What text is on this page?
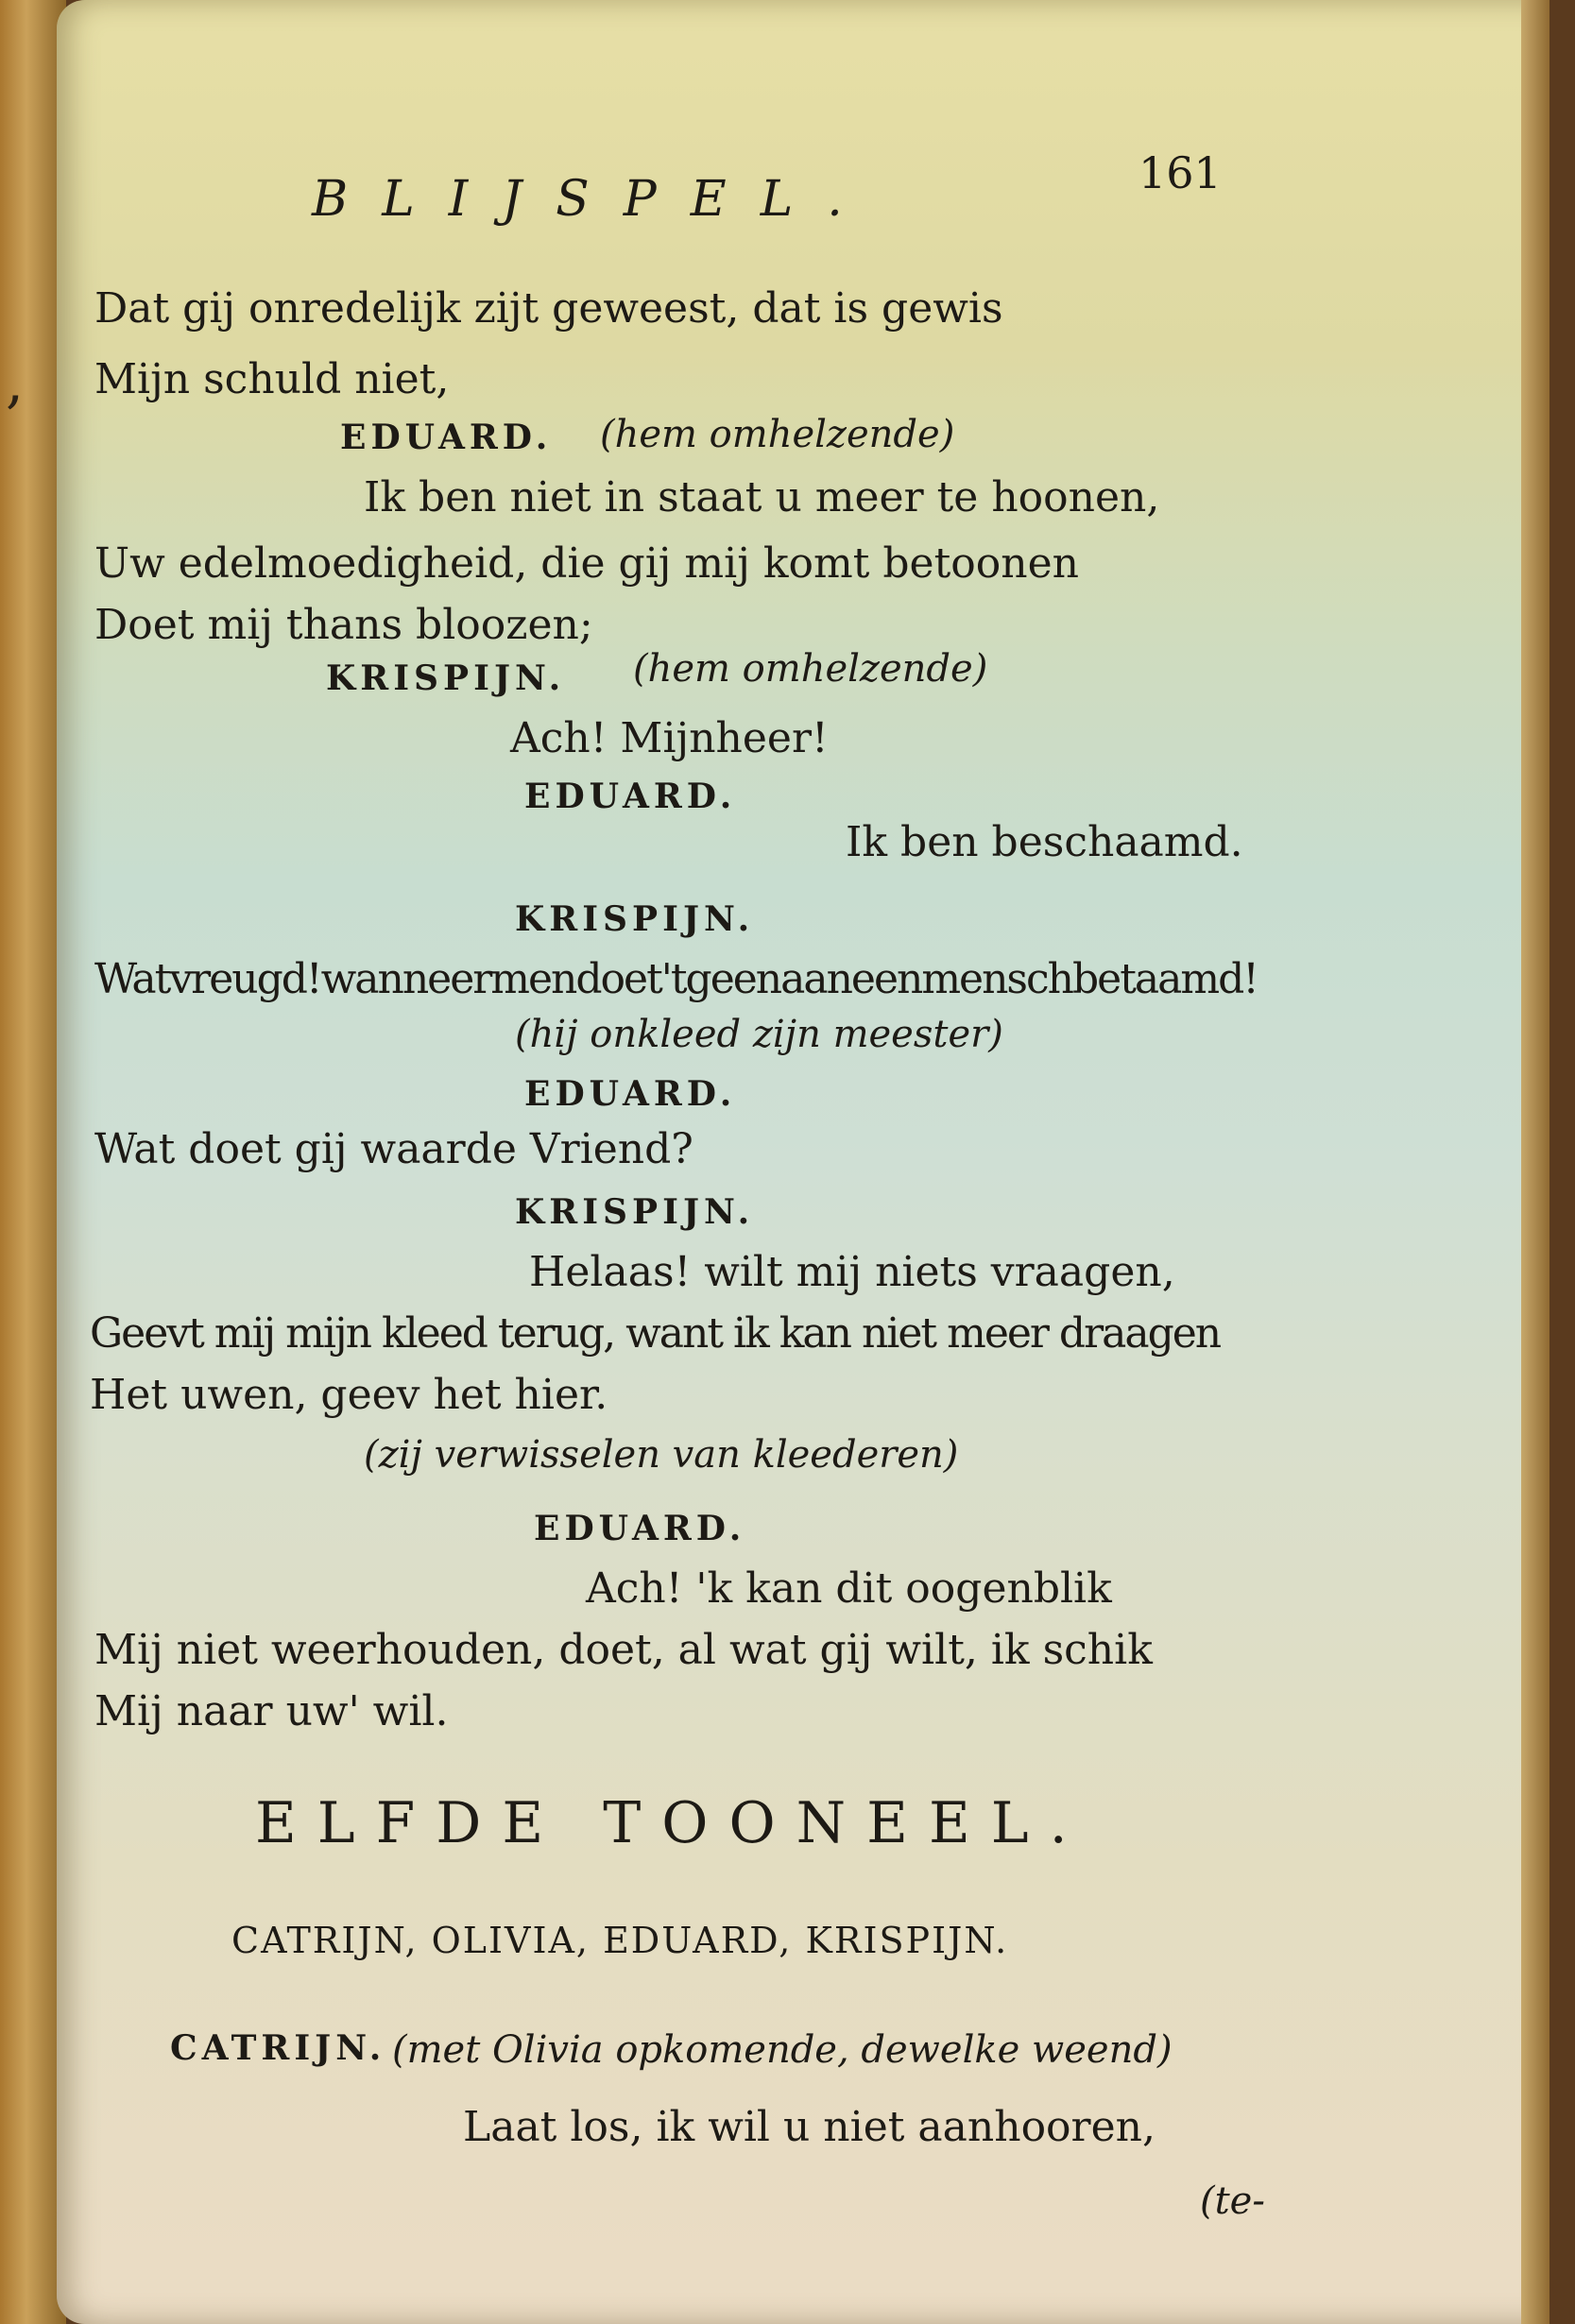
,
BLIJSPEL.	161
Dat gij onredelijk zijt geweest, dat is gewis
Mijn schuld niet,
EDUARD. (hem omhelzende)
Ik ben niet in staat u meer te hoonen,
Uw edelmoedigheid, die gij mij komt betoonen
Doet mij thans bloozen;
KRISPIJN. (hem omhelzende)
Ach! Mijnheer!
EDUARD.
Ik ben beschaamd.
KRISPIJN.
Watvreugd!wanneermendoet'tgeenaaneenmenschbetaamd!
(hij onkleed zijn meester)
EDUARD.
Wat doet gij waarde Vriend?
KRISPIJN.
Helaas! wilt mij niets vraagen,
Geevt mij mijn kleed terug, want ik kan niet meer draagen
Het uwen, geev het hier.
(zij verwisselen van kleederen)
EDUARD.
Ach! 'k kan dit oogenblik
Mij niet weerhouden, doet, al wat gij wilt, ik schik
Mij naar uw' wil.
ELFDE TOONEEL.
CATRIJN, OLIVIA, EDUARD, KRISPIJN.
CATRIJN. (met Olivia opkomende, dewelke weend)
Laat los, ik wil u niet aanhooren,
(te-
